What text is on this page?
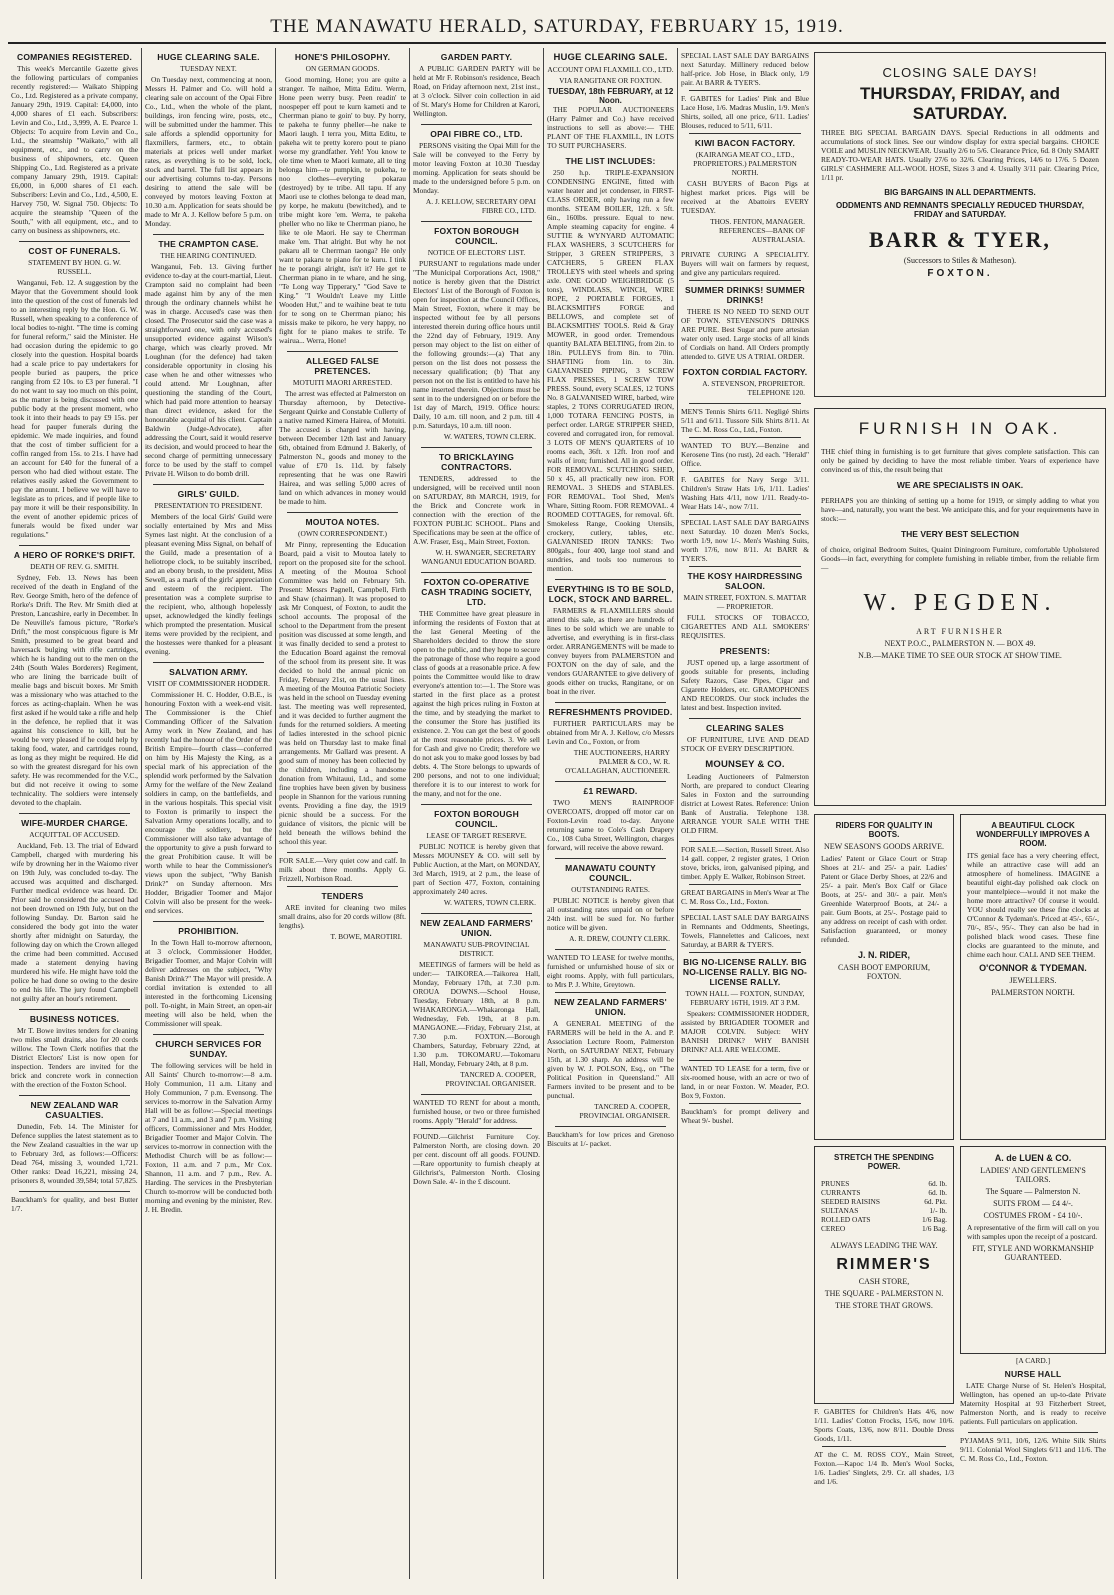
THE MANAWATU HERALD, SATURDAY, FEBRUARY 15, 1919.
COMPANIES REGISTERED.

This week's Mercantile Gazette gives the following particulars of companies recently registered:— Waikato Shipping Co., Ltd. Registered as a private company, January 29th, 1919. Capital: £4,000, into 4,000 shares of £1 each. Subscribers: Levin and Co., Ltd., 3,999, A. E. Pearce 1. Objects: To acquire from Levin and Co., Ltd., the steamship "Waikato," with all equipment, etc., and to carry on the business of shipowners, etc. Queen Shipping Co., Ltd. Registered as a private company January 29th, 1919. Capital: £6,000, in 6,000 shares of £1 each. Subscribers: Levin and Co., Ltd., 4,500, E. Harvey 750, W. Signal 750. Objects: To acquire the steamship "Queen of the South," with all equipment, etc., and to carry on business as shipowners, etc.

COST OF FUNERALS.
STATEMENT BY HON. G. W. RUSSELL.

Wanganui, Feb. 12. A suggestion by the Mayor that the Government should look into the question of the cost of funerals led to an interesting reply by the Hon. G. W. Russell, when speaking to a conference of local bodies to-night. "The time is coming for funeral reform," said the Minister. He had occasion during the epidemic to go closely into the question. Hospital boards had a scale price to pay undertakers for people buried as paupers, the price ranging from £2 10s. to £3 per funeral. "I do not want to say too much on this point, as the matter is being discussed with one public body at the present moment, who took it into their heads to pay £9 15s. per head for pauper funerals during the epidemic. We made inquiries, and found that the cost of timber sufficient for a coffin ranged from 15s. to 21s. I have had an account for £40 for the funeral of a person who had died without estate. The relatives easily asked the Government to pay the amount. I believe we will have to legislate as to prices, and if people like to pay more it will be their responsibility. In the event of another epidemic prices of funerals would be fixed under war regulations."

A HERO OF RORKE'S DRIFT.
DEATH OF REV. G. SMITH.

Sydney, Feb. 13. News has been received of the death in England of the Rev. George Smith, hero of the defence of Rorke's Drift. The Rev. Mr Smith died at Preston, Lancashire, early in December. In De Neuville's famous picture, "Rorke's Drift," the most conspicuous figure is Mr Smith, presumed to be great beard and haversack bulging with rifle cartridges, which he is handing out to the men on the 24th (South Wales Borderers) Regiment, who are lining the barricade built of mealie bags and biscuit boxes. Mr Smith was a missionary who was attached to the forces as acting-chaplain. When he was first asked if he would take a rifle and help in the defence, he replied that it was against his conscience to kill, but he would be very pleased if he could help by taking food, water, and cartridges round, as long as they might be required. He did so with the greatest disregard for his own safety. He was recommended for the V.C., but did not receive it owing to some technicality. The soldiers were intensely devoted to the chaplain.

WIFE-MURDER CHARGE.
ACQUITTAL OF ACCUSED.

Auckland, Feb. 13. The trial of Edward Campbell, charged with murdering his wife by drowning her in the Waiomo river on 19th July, was concluded to-day. The accused was acquitted and discharged. Further medical evidence was heard. Dr. Prior said he considered the accused had not been drowned on 19th July, but on the following Sunday. Dr. Barton said he considered the body got into the water shortly after midnight on Saturday, the following day on which the Crown alleged the crime had been committed. Accused made a statement denying having murdered his wife. He might have told the police he had done so owing to the desire to end his life. The jury found Campbell not guilty after an hour's retirement.

BUSINESS NOTICES.

Mr T. Bowe invites tenders for cleaning two miles small drains, also for 20 cords willow. The Town Clerk notifies that the District Electors' List is now open for inspection. Tenders are invited for the brick and concrete work in connection with the erection of the Foxton School.

NEW ZEALAND WAR CASUALTIES.

Dunedin, Feb. 14. The Minister for Defence supplies the latest statement as to the New Zealand casualties in the war up to February 3rd, as follows:—Officers: Dead 764, missing 3, wounded 1,721. Other ranks: Dead 16,221, missing 24, prisoners 8, wounded 39,584; total 57,825.

Bauckham's for quality, and best Butter 1/7.

HUGE CLEARING SALE.
TUESDAY NEXT.

On Tuesday next, commencing at noon, Messrs H. Palmer and Co. will hold a clearing sale on account of the Opai Fibre Co., Ltd., when the whole of the plant, buildings, iron fencing wire, posts, etc., will be submitted under the hammer. This sale affords a splendid opportunity for flaxmillers, farmers, etc., to obtain materials at prices well under market rates, as everything is to be sold, lock, stock and barrel. The full list appears in our advertising columns to-day. Persons desiring to attend the sale will be conveyed by motors leaving Foxton at 10.30 a.m. Application for seats should be made to Mr A. J. Kellow before 5 p.m. on Monday.

THE CRAMPTON CASE.
THE HEARING CONTINUED.

Wanganui, Feb. 13. Giving further evidence to-day at the court-martial, Lieut. Crampton said no complaint had been made against him by any of the men through the ordinary channels whilst he was in charge. Accused's case was then closed. The Prosecutor said the case was a straightforward one, with only accused's unsupported evidence against Wilson's charge, which was clearly proved. Mr Loughnan (for the defence) had taken considerable opportunity in closing his case when he and other witnesses who could attend. Mr Loughnan, after questioning the standing of the Court, which had paid more attention to hearsay than direct evidence, asked for the honourable acquittal of his client. Captain Baldwin (Judge-Advocate), after addressing the Court, said it would reserve its decision, and would proceed to hear the second charge of permitting unnecessary force to be used by the staff to compel Private H. Wilson to do bomb drill.

GIRLS' GUILD.
PRESENTATION TO PRESIDENT.

Members of the local Girls' Guild were socially entertained by Mrs and Miss Symes last night. At the conclusion of a pleasant evening Miss Signal, on behalf of the Guild, made a presentation of a heliotrope clock, to be suitably inscribed, and an ebony brush, to the president, Miss Sewell, as a mark of the girls' appreciation and esteem of the recipient. The presentation was a complete surprise to the recipient, who, although hopelessly upset, acknowledged the kindly feelings which prompted the presentation. Musical items were provided by the recipient, and the hostesses were thanked for a pleasant evening.

SALVATION ARMY.
VISIT OF COMMISSIONER HODDER.

Commissioner H. C. Hodder, O.B.E., is honouring Foxton with a week-end visit. The Commissioner is the Chief Commanding Officer of the Salvation Army work in New Zealand, and has recently had the honour of the Order of the British Empire—fourth class—conferred on him by His Majesty the King, as a special mark of his appreciation of the splendid work performed by the Salvation Army for the welfare of the New Zealand soldiers in camp, on the battlefields, and in the various hospitals. This special visit to Foxton is primarily to inspect the Salvation Army operations locally, and to encourage the soldiery, but the Commissioner will also take advantage of the opportunity to give a push forward to the great Prohibition cause. It will be worth while to hear the Commissioner's views upon the subject, "Why Banish Drink?" on Sunday afternoon. Mrs Hodder, Brigadier Toomer and Major Colvin will also be present for the week-end services.

PROHIBITION.

In the Town Hall to-morrow afternoon, at 3 o'clock, Commissioner Hodder, Brigadier Toomer, and Major Colvin will deliver addresses on the subject, "Why Banish Drink?" The Mayor will preside. A cordial invitation is extended to all interested in the forthcoming Licensing poll. To-night, in Main Street, an open-air meeting will also be held, when the Commissioner will speak.

CHURCH SERVICES FOR SUNDAY.

The following services will be held in All Saints' Church to-morrow:—8 a.m. Holy Communion, 11 a.m. Litany and Holy Communion, 7 p.m. Evensong. The services to-morrow in the Salvation Army Hall will be as follow:—Special meetings at 7 and 11 a.m., and 3 and 7 p.m. Visiting officers, Commissioner and Mrs Hodder, Brigadier Toomer and Major Colvin. The services to-morrow in connection with the Methodist Church will be as follow:—Foxton, 11 a.m. and 7 p.m., Mr Cox. Shannon, 11 a.m. and 7 p.m., Rev. A. Harding. The services in the Presbyterian Church to-morrow will be conducted both morning and evening by the minister, Rev. J. H. Bredin.

HONE'S PHILOSOPHY.
ON GERMAN GOODS.

Good morning, Hone; you are quite a stranger. Te naihoe, Mitta Editu. Werrn, Hone peen werry busy. Peen readin' te noospeper eff pout te kurn kameti and te Cherrman piano te goin' to buy. Py horry, te pakeha te funny pheller—he nake te Maori laugh. I terra you, Mitta Editu, te pakeha wit te pretty korero pout te piano worse my grandfather. Yeh! You know te ole time when te Maori kumate, all te ting belonga him—te pumpkin, te pukeha, te noo clothes—everyting pokarau (destroyed) by te tribe. All tapu. If any Maori use te clothes belonga te dead man, py korpe, he makutu (bewitched), and te tribe might kore 'em. Werra, te pakeha pheller who no like te Cherrman piano, he like te ole Maori. He say te Cherrman make 'em. That alright. But why he not pakaru all te Cherrman taonga? He only want te pakaru te piano for te kuru. I tink he te porangi alright, isn't it? He get te Cherrman piano in te whare, and he sing, "Te Long way Tipperary," "God Save te King." "I Wouldn't Leave my Little Wooden Hut," and te waihine beat te tutu for te song on te Cherrman piano; his missis make te pikoro, he very happy, no fight for te piano makes te strife. Te wairua... Werra, Hone!

ALLEGED FALSE PRETENCES.
MOTUITI MAORI ARRESTED.

The arrest was effected at Palmerston on Thursday afternoon, by Detective-Sergeant Quirke and Constable Cullerty of a native named Kimera Hairea, of Motuiti. The accused is charged with having, between December 12th last and January 6th, obtained from Edmund J. Bakerly, of Palmerston N., goods and money to the value of £70 1s. 11d. by falsely representing that he was one Rawiri Hairea, and was selling 5,000 acres of land on which advances in money would be made to him.

MOUTOA NOTES.
(OWN CORRESPONDENT.)

Mr Pinny, representing the Education Board, paid a visit to Moutoa lately to report on the proposed site for the school. A meeting of the Moutoa School Committee was held on February 5th. Present: Messrs Pagnell, Campbell, Firth and Shaw (chairman). It was proposed to ask Mr Conquest, of Foxton, to audit the school accounts. The proposal of the school to the Department from the present position was discussed at some length, and it was finally decided to send a protest to the Education Board against the removal of the school from its present site. It was decided to hold the annual picnic on Friday, February 21st, on the usual lines. A meeting of the Moutoa Patriotic Society was held in the school on Tuesday evening last. The meeting was well represented, and it was decided to further augment the funds for the returned soldiers. A meeting of ladies interested in the school picnic was held on Thursday last to make final arrangements. Mr Gallard was present. A good sum of money has been collected by the children, including a handsome donation from Whitauui, Ltd., and some fine trophies have been given by business people in Shannon for the various running events. Providing a fine day, the 1919 picnic should be a success. For the guidance of visitors, the picnic will be held beneath the willows behind the school this year.

FOR SALE.—Very quiet cow and calf. In milk about three months. Apply G. Frizzell, Norbison Road.

TENDERS

ARE invited for cleaning two miles small drains, also for 20 cords willow (8ft. lengths).

T. BOWE, MAROTIRI.
GARDEN PARTY.

A PUBLIC GARDEN PARTY will be held at Mr F. Robinson's residence, Beach Road, on Friday afternoon next, 21st inst., at 3 o'clock. Silver coin collection in aid of St. Mary's Home for Children at Karori, Wellington.

OPAI FIBRE CO., LTD.

PERSONS visiting the Opai Mill for the Sale will be conveyed to the Ferry by motor leaving Foxton at 10.30 Tuesday morning. Application for seats should be made to the undersigned before 5 p.m. on Monday.

A. J. KELLOW, SECRETARY OPAI FIBRE CO., LTD.
FOXTON BOROUGH COUNCIL.
NOTICE OF ELECTORS' LIST.

PURSUANT to regulations made under "The Municipal Corporations Act, 1908," notice is hereby given that the District Electors' List of the Borough of Foxton is open for inspection at the Council Offices, Main Street, Foxton, where it may be inspected without fee by all persons interested therein during office hours until the 22nd day of February, 1919. Any person may object to the list on either of the following grounds:—(a) That any person on the list does not possess the necessary qualification; (b) That any person not on the list is entitled to have his name inserted therein. Objections must be sent in to the undersigned on or before the 1st day of March, 1919. Office hours: Daily, 10 a.m. till noon, and 2 p.m. till 4 p.m. Saturdays, 10 a.m. till noon.

W. WATERS, TOWN CLERK.
TO BRICKLAYING CONTRACTORS.

TENDERS, addressed to the undersigned, will be received until noon on SATURDAY, 8th MARCH, 1919, for the Brick and Concrete work in connection with the erection of the FOXTON PUBLIC SCHOOL. Plans and Specifications may be seen at the office of A.W. Fraser, Esq., Main Street, Foxton.

W. H. SWANGER, SECRETARY WANGANUI EDUCATION BOARD.
FOXTON CO-OPERATIVE CASH TRADING SOCIETY, LTD.

THE Committee have great pleasure in informing the residents of Foxton that at the last General Meeting of the Shareholders decided to throw the store open to the public, and they hope to secure the patronage of those who require a good class of goods at a reasonable price. A few points the Committee would like to draw everyone's attention to:—1. The Store was started in the first place as a protest against the high prices ruling in Foxton at the time, and by steadying the market to the consumer the Store has justified its existence. 2. You can get the best of goods at the most reasonable prices. 3. We sell for Cash and give no Credit; therefore we do not ask you to make good losses by bad debts. 4. The Store belongs to upwards of 200 persons, and not to one individual; therefore it is to our interest to work for the many, and not for the one.

FOXTON BOROUGH COUNCIL.
LEASE OF TARGET RESERVE.

PUBLIC NOTICE is hereby given that Messrs MOUNSEY & CO. will sell by Public Auction, at the Mart, on MONDAY, 3rd March, 1919, at 2 p.m., the lease of part of Section 477, Foxton, containing approximately 240 acres.

W. WATERS, TOWN CLERK.
NEW ZEALAND FARMERS' UNION.
MANAWATU SUB-PROVINCIAL DISTRICT.

MEETINGS of farmers will be held as under:— TAIKOREA.—Taikorea Hall, Monday, February 17th, at 7.30 p.m. OROUA DOWNS.—School House, Tuesday, February 18th, at 8 p.m. WHAKARONGA.—Whakaronga Hall, Wednesday, Feb. 19th, at 8 p.m. MANGAONE.—Friday, February 21st, at 7.30 p.m. FOXTON.—Borough Chambers, Saturday, February 22nd, at 1.30 p.m. TOKOMARU.—Tokomaru Hall, Monday, February 24th, at 8 p.m.

TANCRED A. COOPER, PROVINCIAL ORGANISER.

WANTED TO RENT for about a month, furnished house, or two or three furnished rooms. Apply "Herald" for address.

FOUND.—Gilchrist Furniture Coy. Palmerston North, are closing down. 20 per cent. discount off all goods. FOUND.—Rare opportunity to furnish cheaply at Gilchrist's, Palmerston North. Closing Down Sale. 4/- in the £ discount.

HUGE CLEARING SALE.
ACCOUNT OPAI FLAXMILL CO., LTD.
VIA RANGITANE OR FOXTON.
TUESDAY, 18th FEBRUARY, at 12 Noon.

THE POPULAR AUCTIONEERS (Harry Palmer and Co.) have received instructions to sell as above:— THE PLANT OF THE FLAXMILL, IN LOTS TO SUIT PURCHASERS.

THE LIST INCLUDES:

250 h.p. TRIPLE-EXPANSION CONDENSING ENGINE, fitted with water heater and jet condenser, in FIRST-CLASS ORDER, only having run a few months. STEAM BOILER, 12ft. x 5ft. 6in., 160lbs. pressure. Equal to new. Ample steaming capacity for engine. 4 SUTTIE & WYNYARD AUTOMATIC FLAX WASHERS, 3 SCUTCHERS for Stripper, 3 GREEN STRIPPERS, 3 CATCHERS, 5 GREEN FLAX TROLLEYS with steel wheels and spring axle. ONE GOOD WEIGHBRIDGE (5 tons), WINDLASS, WINCH, WIRE ROPE, 2 PORTABLE FORGES, 1 BLACKSMITH'S FORGE and BELLOWS, and complete set of BLACKSMITHS' TOOLS. Reid & Gray MOWER, in good order. Tremendous quantity BALATA BELTING, from 2in. to 18in. PULLEYS from 8in. to 70in. SHAFTING from 1in. to 3in. GALVANISED PIPING, 3 SCREW FLAX PRESSES, 1 SCREW TOW PRESS. Sound, every SCALES, 12 TONS No. 8 GALVANISED WIRE, barbed, wire staples, 2 TONS CORRUGATED IRON, 1,000 TOTARA FENCING POSTS, in perfect order. LARGE STRIPPER SHED, covered and corrugated iron, for removal. 3 LOTS OF MEN'S QUARTERS of 10 rooms each, 36ft. x 12ft. Iron roof and walls of iron; furnished. All in good order. FOR REMOVAL. SCUTCHING SHED, 50 x 45, all practically new iron. FOR REMOVAL. 3 SHEDS and STABLES. FOR REMOVAL. Tool Shed, Men's Whare, Sitting Room. FOR REMOVAL. 4 ROOMED COTTAGES, for removal. 6ft. Smokeless Range, Cooking Utensils, crockery, cutlery, tables, etc. GALVANISED IRON TANKS: Two 800gals., four 400, large tool stand and sundries, and tools too numerous to mention.

EVERYTHING IS TO BE SOLD, LOCK, STOCK AND BARREL.

FARMERS & FLAXMILLERS should attend this sale, as there are hundreds of lines to be sold which we are unable to advertise, and everything is in first-class order. ARRANGEMENTS will be made to convey buyers from PALMERSTON and FOXTON on the day of sale, and the vendors GUARANTEE to give delivery of goods either on trucks, Rangitane, or on boat in the river.

REFRESHMENTS PROVIDED.

FURTHER PARTICULARS may be obtained from Mr A. J. Kellow, c/o Messrs Levin and Co., Foxton, or from

THE AUCTIONEERS, HARRY PALMER & CO., W. R. O'CALLAGHAN, AUCTIONEER.
£1 REWARD.

TWO MEN'S RAINPROOF OVERCOATS, dropped off motor car on Foxton-Levin road to-day. Anyone returning same to Cole's Cash Drapery Co., 108 Cuba Street, Wellington, charges forward, will receive the above reward.

MANAWATU COUNTY COUNCIL.
OUTSTANDING RATES.

PUBLIC NOTICE is hereby given that all outstanding rates unpaid on or before 24th inst. will be sued for. No further notice will be given.

A. R. DREW, COUNTY CLERK.

WANTED TO LEASE for twelve months, furnished or unfurnished house of six or eight rooms. Apply, with full particulars, to Mrs P. J. White, Greytown.

NEW ZEALAND FARMERS' UNION.

A GENERAL MEETING of the FARMERS will be held in the A. and P. Association Lecture Room, Palmerston North, on SATURDAY NEXT, February 15th, at 1.30 sharp. An address will be given by W. J. POLSON, Esq., on "The Political Position in Queensland." All Farmers invited to be present and to be punctual.

TANCRED A. COOPER, PROVINCIAL ORGANISER.

Bauckham's for low prices and Grenoso Biscuits at 1/- packet.

SPECIAL LAST SALE DAY BARGAINS next Saturday. Millinery reduced below half-price. Job Hose, in Black only, 1/9 pair. At BARR & TYER'S.

F. GABITES for Ladies' Pink and Blue Lace Hose, 1/6. Madras Muslin, 1/9. Men's Shirts, soiled, all one price, 6/11. Ladies' Blouses, reduced to 5/11, 6/11.

KIWI BACON FACTORY.
(KAIRANGA MEAT CO., LTD., PROPRIETORS.) PALMERSTON NORTH.

CASH BUYERS of Bacon Pigs at highest market prices. Pigs will be received at the Abattoirs EVERY TUESDAY.

THOS. FENTON, MANAGER. REFERENCES—BANK OF AUSTRALASIA.

PRIVATE CURING A SPECIALITY. Buyers will wait on farmers by request, and give any particulars required.

SUMMER DRINKS! SUMMER DRINKS!

THERE IS NO NEED TO SEND OUT OF TOWN. STEVENSON'S DRINKS ARE PURE. Best Sugar and pure artesian water only used. Large stocks of all kinds of Cordials on hand. All Orders promptly attended to. GIVE US A TRIAL ORDER.

FOXTON CORDIAL FACTORY.
A. STEVENSON, PROPRIETOR. TELEPHONE 120.

MEN'S Tennis Shirts 6/11. Negligé Shirts 5/11 and 6/11. Tussore Silk Shirts 8/11. At The C. M. Ross Co., Ltd., Foxton.

WANTED TO BUY.—Benzine and Kerosene Tins (no rust), 2d each. "Herald" Office.

F. GABITES for Navy Serge 3/11. Children's Straw Hats 1/6, 1/11. Ladies' Washing Hats 4/11, now 1/11. Ready-to-Wear Hats 14/-, now 7/11.

SPECIAL LAST SALE DAY BARGAINS next Saturday. 10 dozen Men's Socks, worth 1/9, now 1/-. Men's Washing Suits, worth 17/6, now 8/11. At BARR & TYER'S.

THE KOSY HAIRDRESSING SALOON.
MAIN STREET, FOXTON. S. MATTAR — PROPRIETOR.

FULL STOCKS OF TOBACCO, CIGARETTES AND ALL SMOKERS' REQUISITES.

PRESENTS:

JUST opened up, a large assortment of goods suitable for presents, including Safety Razors, Case Pipes, Cigar and Cigarette Holders, etc. GRAMOPHONES AND RECORDS. Our stock includes the latest and best. Inspection invited.

CLEARING SALES

OF FURNITURE, LIVE AND DEAD STOCK OF EVERY DESCRIPTION.

MOUNSEY & CO.

Leading Auctioneers of Palmerston North, are prepared to conduct Clearing Sales in Foxton and the surrounding district at Lowest Rates. Reference: Union Bank of Australia. Telephone 138. ARRANGE YOUR SALE WITH THE OLD FIRM.

FOR SALE.—Section, Russell Street. Also 14 gall. copper, 2 register grates, 1 Orion stove, bricks, iron, galvanised piping, and timber. Apply E. Walker, Robinson Street.

GREAT BARGAINS in Men's Wear at The C. M. Ross Co., Ltd., Foxton.

SPECIAL LAST SALE DAY BARGAINS in Remnants and Oddments, Sheetings, Towels, Flannelettes and Calicoes, next Saturday, at BARR & TYER'S.

BIG NO-LICENSE RALLY. BIG NO-LICENSE RALLY. BIG NO-LICENSE RALLY.
TOWN HALL — FOXTON, SUNDAY, FEBRUARY 16TH, 1919. AT 3 P.M.

Speakers: COMMISSIONER HODDER, assisted by BRIGADIER TOOMER and MAJOR COLVIN. Subject: WHY BANISH DRINK? WHY BANISH DRINK? ALL ARE WELCOME.

WANTED TO LEASE for a term, five or six-roomed house, with an acre or two of land, in or near Foxton. W. Meader, P.O. Box 9, Foxton.

Bauckham's for prompt delivery and Wheat 9/- bushel.

CLOSING SALE DAYS!
THURSDAY, FRIDAY, and SATURDAY.

THREE BIG SPECIAL BARGAIN DAYS. Special Reductions in all oddments and accumulations of stock lines. See our window display for extra special bargains. CHOICE VOILE and MUSLIN NECKWEAR. Usually 2/6 to 5/6. Clearance Price, 6d. 8 Only SMART READY-TO-WEAR HATS. Usually 27/6 to 32/6. Clearing Prices, 14/6 to 17/6. 5 Dozen GIRLS' CASHMERE ALL-WOOL HOSE, Sizes 3 and 4. Usually 3/11 pair. Clearing Price, 1/11 pr.

BIG BARGAINS IN ALL DEPARTMENTS.
ODDMENTS AND REMNANTS SPECIALLY REDUCED THURSDAY, FRIDAY and SATURDAY.
BARR & TYER,
(Successors to Stiles & Matheson).
FOXTON.
FURNISH IN OAK.

THE chief thing in furnishing is to get furniture that gives complete satisfaction. This can only be gained by deciding to have the most reliable timber. Years of experience have convinced us of this, the result being that

WE ARE SPECIALISTS IN OAK.

PERHAPS you are thinking of setting up a home for 1919, or simply adding to what you have—and, naturally, you want the best. We anticipate this, and for your requirements have in stock:—

THE VERY BEST SELECTION

of choice, original Bedroom Suites, Quaint Diningroom Furniture, comfortable Upholstered Goods—in fact, everything for complete furnishing in reliable timber, from the reliable firm —

W. PEGDEN.
ART FURNISHER
NEXT P.O.C., PALMERSTON N. — BOX 49.
N.B.—MAKE TIME TO SEE OUR STOCK AT SHOW TIME.
RIDERS FOR QUALITY IN BOOTS.
NEW SEASON'S GOODS ARRIVE.

Ladies' Patent or Glace Court or Strap Shoes at 21/- and 25/- a pair. Ladies' Patent or Glace Derby Shoes, at 22/6 and 25/- a pair. Men's Box Calf or Glace Boots, at 25/- and 30/- a pair. Men's Greenhide Waterproof Boots, at 24/- a pair. Gum Boots, at 25/-. Postage paid to any address on receipt of cash with order. Satisfaction guaranteed, or money refunded.

J. N. RIDER,
CASH BOOT EMPORIUM, FOXTON.
A BEAUTIFUL CLOCK WONDERFULLY IMPROVES A ROOM.

ITS genial face has a very cheering effect, while an attractive case will add an atmosphere of homeliness. IMAGINE a beautiful eight-day polished oak clock on your mantelpiece—would it not make the home more attractive? Of course it would. YOU should really see these fine clocks at O'Connor & Tydeman's. Priced at 45/-, 65/-, 70/-, 85/-, 95/-. They can also be had in polished black wood cases. These fine clocks are guaranteed to the minute, and chime each hour. CALL AND SEE THEM.

O'CONNOR & TYDEMAN.
JEWELLERS.
PALMERSTON NORTH.
STRETCH THE SPENDING POWER.
PRUNES	6d. lb.
CURRANTS	6d. lb.
SEEDED RAISINS	6d. Pkt.
SULTANAS	1/- lb.
ROLLED OATS	1/6 Bag.
CEREO	1/6 Bag.
ALWAYS LEADING THE WAY.
RIMMER'S
CASH STORE,
THE SQUARE - PALMERSTON N.
THE STORE THAT GROWS.

F. GABITES for Children's Hats 4/6, now 1/11. Ladies' Cotton Frocks, 15/6, now 10/6. Sports Coats, 13/6, now 8/11. Double Dress Goods, 1/11.

AT the C. M. ROSS COY., Main Street, Foxton.—Kapoc 1/4 lb. Men's Wool Socks, 1/6. Ladies' Singlets, 2/9. Cr. all shades, 1/3 and 1/6.

A. de LUEN & CO.
LADIES' AND GENTLEMEN'S TAILORS.
The Square — Palmerston N.
SUITS FROM — £4 4/-.
COSTUMES FROM - £4 10/-.

A representative of the firm will call on you with samples upon the receipt of a postcard.

FIT, STYLE AND WORKMANSHIP GUARANTEED.
[A CARD.]
NURSE HALL

LATE Charge Nurse of St. Helen's Hospital, Wellington, has opened an up-to-date Private Maternity Hospital at 93 Fitzherbert Street, Palmerston North, and is ready to receive patients. Full particulars on application.

PYJAMAS 9/11, 10/6, 12/6. White Silk Shirts 9/11. Colonial Wool Singlets 6/11 and 11/6. The C. M. Ross Co., Ltd., Foxton.
